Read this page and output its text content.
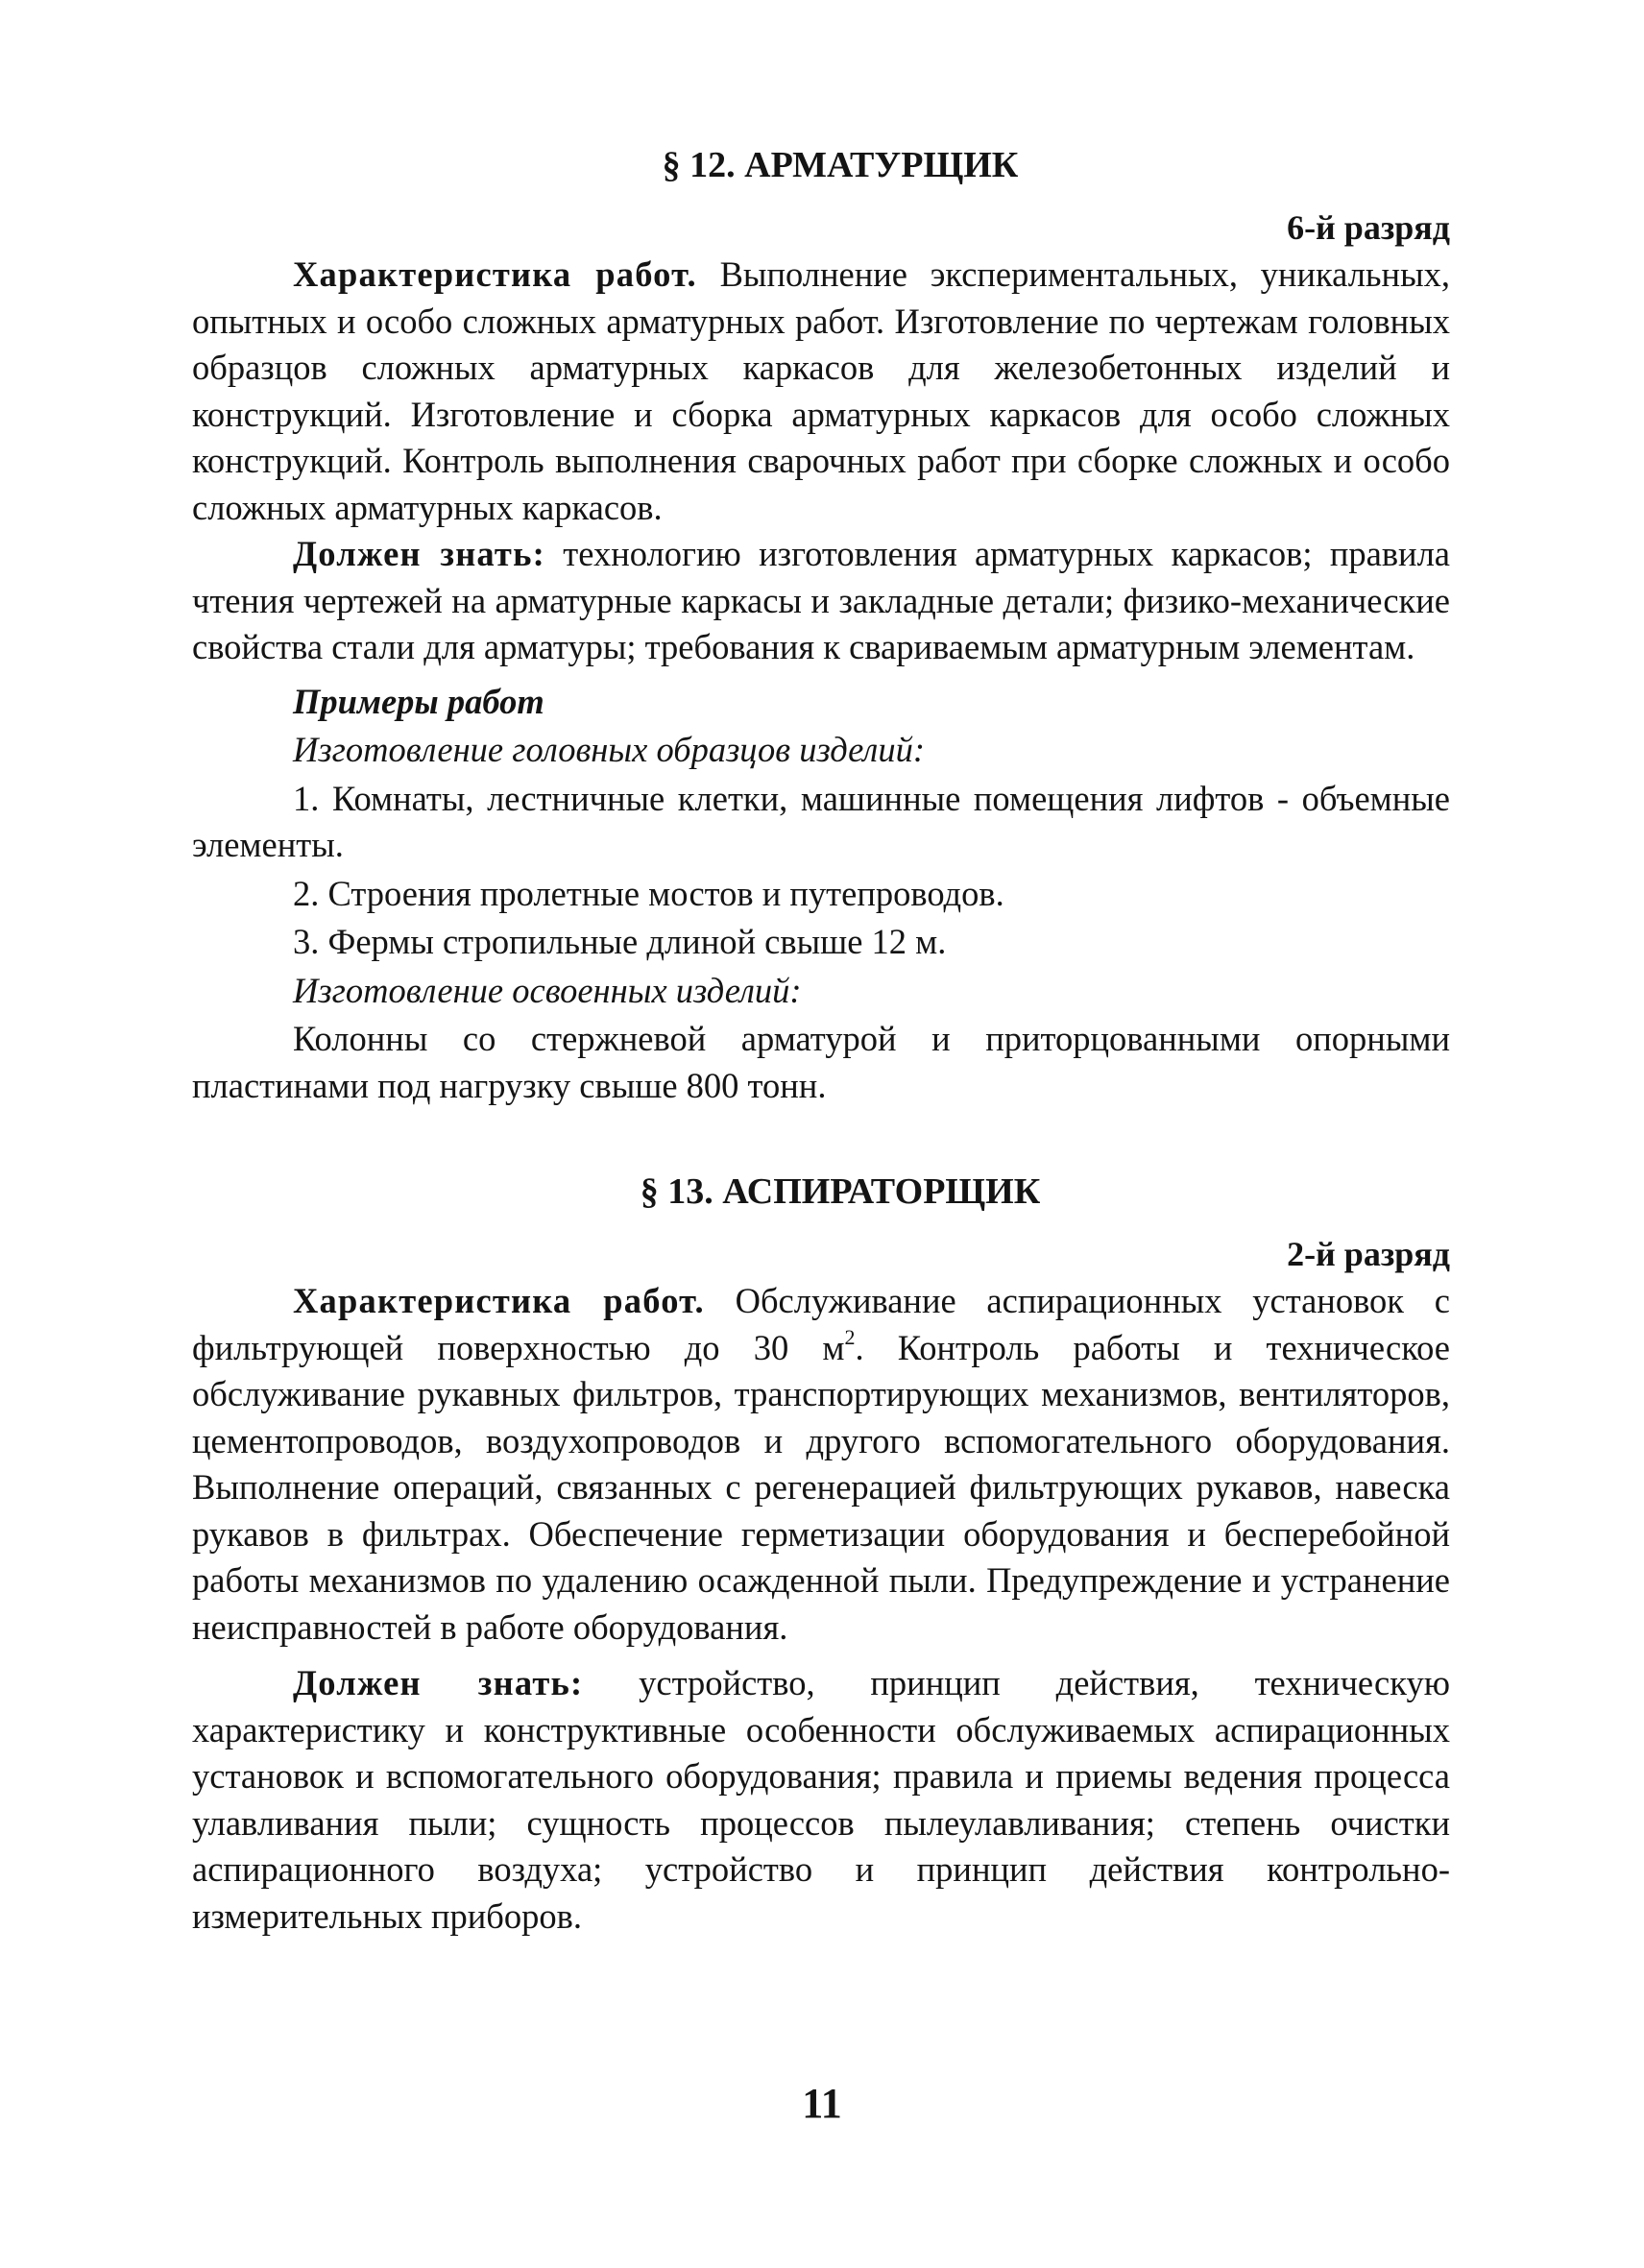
§ 12. АРМАТУРЩИК
6-й разряд

Характеристика работ. Выполнение экспериментальных, уникальных, опытных и особо сложных арматурных работ. Изготовление по чертежам головных образцов сложных арматурных каркасов для железобетонных изделий и конструкций. Изготовление и сборка арматурных каркасов для особо сложных конструкций. Контроль выполнения сварочных работ при сборке сложных и особо сложных арматурных каркасов.

Должен знать: технологию изготовления арматурных каркасов; правила чтения чертежей на арматурные каркасы и закладные детали; физико-механические свойства стали для арматуры; требования к свариваемым арматурным элементам.

Примеры работ
Изготовление головных образцов изделий:

1. Комнаты, лестничные клетки, машинные помещения лифтов - объемные элементы.

2. Строения пролетные мостов и путепроводов.

3. Фермы стропильные длиной свыше 12 м.

Изготовление освоенных изделий:

Колонны со стержневой арматурой и приторцованными опорными пластинами под нагрузку свыше 800 тонн.

§ 13. АСПИРАТОРЩИК
2-й разряд

Характеристика работ. Обслуживание аспирационных установок с фильтрующей поверхностью до 30 $м^2$. Контроль работы и техническое обслуживание рукавных фильтров, транспортирующих механизмов, вентиляторов, цементопроводов, воздухопроводов и другого вспомогательного оборудования. Выполнение операций, связанных с регенерацией фильтрующих рукавов, навеска рукавов в фильтрах. Обеспечение герметизации оборудования и бесперебойной работы механизмов по удалению осажденной пыли. Предупреждение и устранение неисправностей в работе оборудования.

Должен знать: устройство, принцип действия, техническую характеристику и конструктивные особенности обслуживаемых аспирационных установок и вспомогательного оборудования; правила и приемы ведения процесса улавливания пыли; сущность процессов пылеулавливания; степень очистки аспирационного воздуха; устройство и принцип действия контрольно-измерительных приборов.

11
